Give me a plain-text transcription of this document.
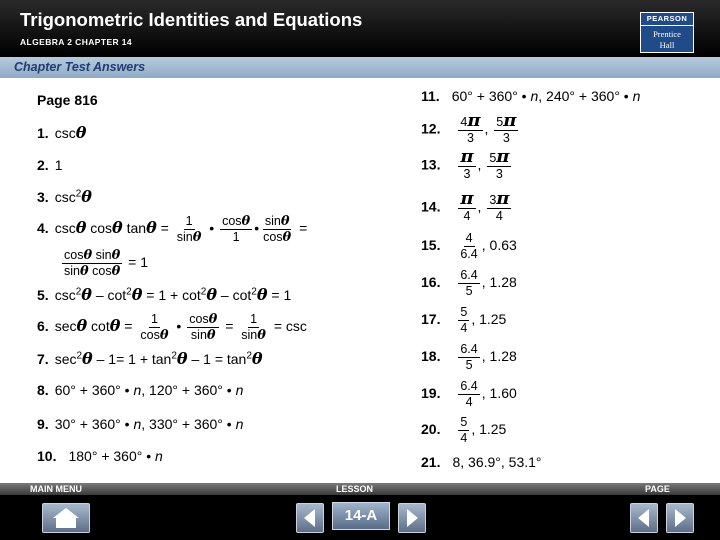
Trigonometric Identities and Equations
ALGEBRA 2 CHAPTER 14
PEARSON
Prentice
Hall
Chapter Test Answers
Page 816
1. cscθ
2. 1
3. $\csc^2\theta$
4. cscθ cosθ $\tan\theta = \frac{1}{\sin\theta}$ • $\frac{\cos\theta}{1}$ • $\frac{\sin\theta}{\cos\theta}$ =
$\frac{\text{cosθ sinθ}}{\text{sinθ cosθ}} = 1$
5. $\csc^2\theta - \cot^2\theta = 1 + \cot^2\theta - \cot^2\theta = 1$
6. secθ $\cot\theta = \frac{1}{\cos\theta}$ • $\frac{\cos\theta}{\sin\theta} = \frac{1}{\sin\theta} = \csc$
7. $\sec^2\theta - 1= 1 + \tan^2\theta - 1 = \tan^2\theta$
8. 60° + 360° • n, 120° + 360° • n
9. 30° + 360° • n, 330° + 360° • n
10. 180° + 360° • n
11. 60° + 360° • n, 240° + 360° • n
12. $\frac{4\pi}{3}$ , $\frac{5\pi}{3}$
13. $\frac{\pi}{3}$ , $\frac{5\pi}{3}$
14. $\frac{\pi}{4}$ , $\frac{3\pi}{4}$
15. $\frac{4}{6.4}$ , 0.63
16. $\frac{6.4}{5}$ , 1.28
17. $\frac{5}{4}$ , 1.25
18. $\frac{6.4}{5}$ , 1.28
19. $\frac{6.4}{4}$ , 1.60
20. $\frac{5}{4}$ , 1.25
21. 8, 36.9°, 53.1°
MAIN MENU	LESSON	PAGE
14-A
